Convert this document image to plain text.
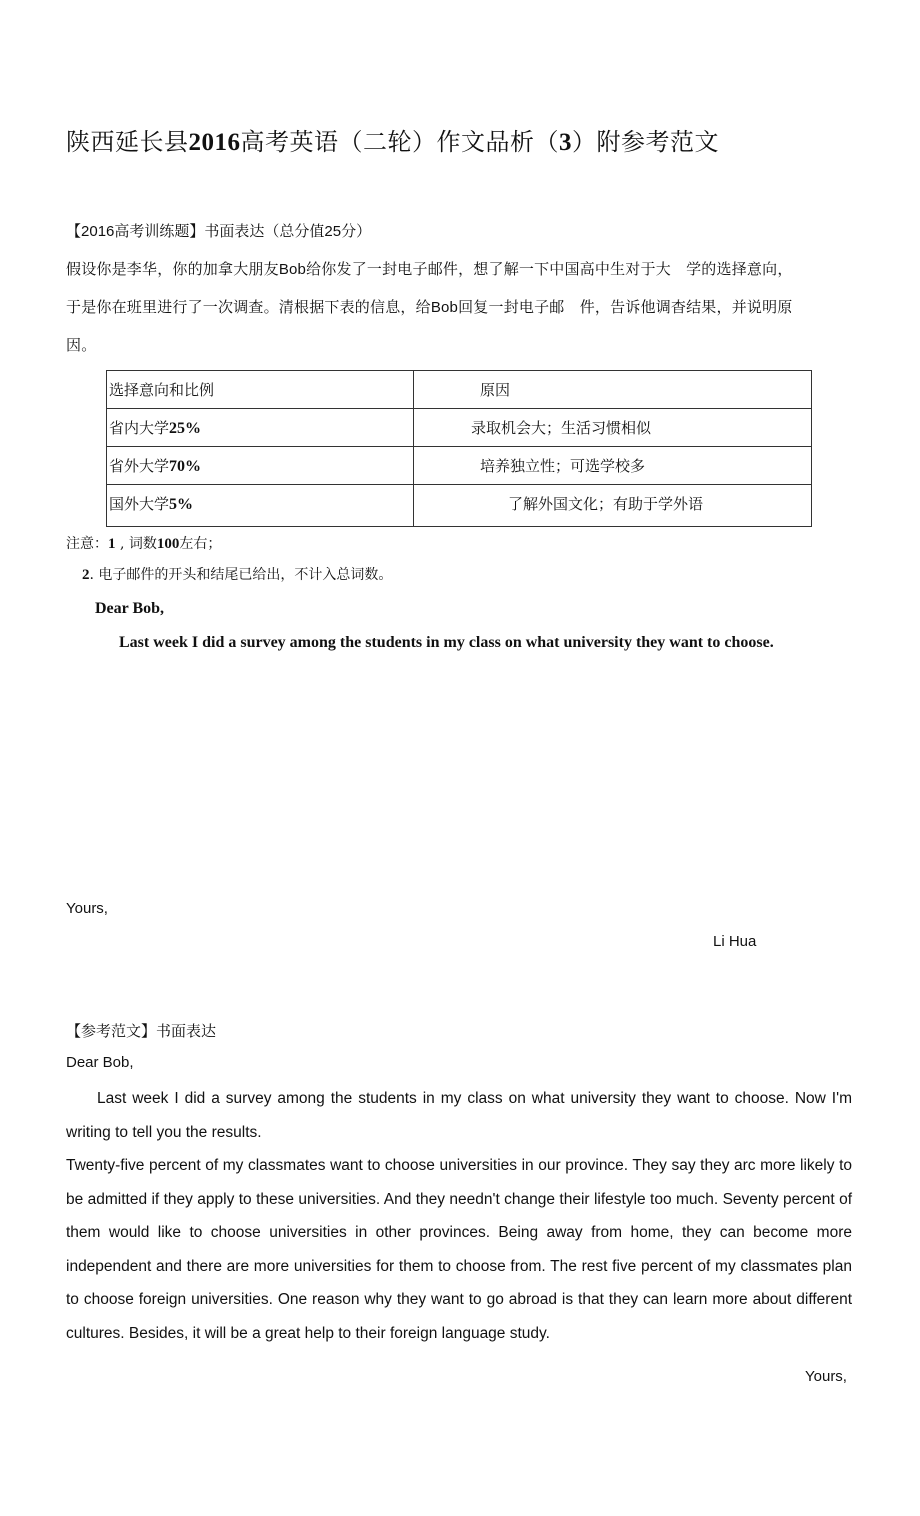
陕西延长县2016高考英语（二轮）作文品析（3）附参考范文

【2016高考训练题】书面表达（总分值25分）

假设你是李华，你的加拿大朋友Bob给你发了一封电子邮件，想了解一下中国高中生对于大　学的选择意向，

于是你在班里进行了一次调查。清根据下表的信息，给Bob回复一封电子邮　件，告诉他调杳结果，并说明原

因。

选择意向和比例	原因

省内大学25%	录取机会大；生活习惯相似

省外大学70%	培养独立性；可选学校多

国外大学5%	了解外国文化；有助于学外语

注意：1 , 词数100左右；

2. 电子邮件的开头和结尾已给出，不计入总词数。

Dear Bob,

Last week I did a survey among the students in my class on what university they want to choose.

Yours,

Li Hua

【参考范文】书面表达

Dear Bob,

Last week I did a survey among the students in my class on what university they want to choose. Now I'm writing to tell you the results.
Twenty-five percent of my classmates want to choose universities in our province. They say they arc more likely to be admitted if they apply to these universities. And they needn't change their lifestyle too much. Seventy percent of them would like to choose universities in other provinces. Being away from home, they can become more independent and there are more universities for them to choose from. The rest five percent of my classmates plan to choose foreign universities. One reason why they want to go abroad is that they can learn more about different cultures. Besides, it will be a great help to their foreign language study.

Yours,
